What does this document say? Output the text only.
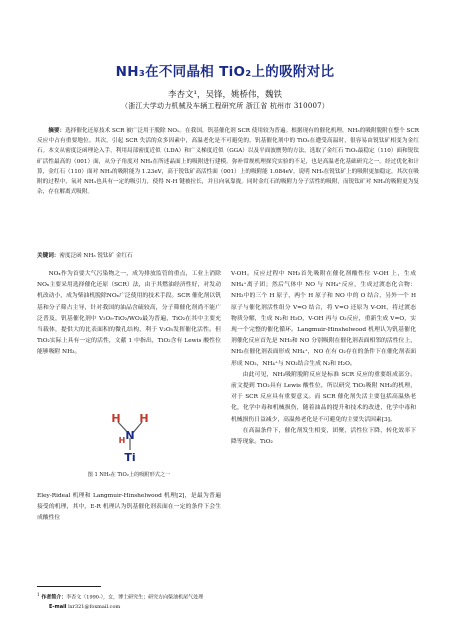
NH₃在不同晶相 TiO₂上的吸附对比
李杏文¹，吴锋，姚桥伟，魏铁
（浙江大学动力机械及车辆工程研究所 浙江省 杭州市 310007）
摘要：选择催化还原技术 SCR 被广泛用于脱除 NOₓ。在我国，钒基催化剂 SCR 使用较为普遍。根据现有的催化机理，NH₃的吸附脱附在整个 SCR 反应中占有重要地位。其次，引起 SCR 失活的众多因素中，高温老化是不可避免的，钒基催化剂中的 TiO₂在遭受高温时，很容易由锐钛矿相变为金红石。本文从密度泛函理论入手，利用局部密度近似（LDA）和广义梯度近似（GGA）以及平面波赝势的方法，选取了金红石 TiO₂最稳定（110）面和锐钛矿活性最高的（001）面，从分子角度对 NH₃在所述晶面上的吸附进行建模。弥补常规机理探究实验的不足，也是高温老化基础研究之一。经过优化和计算，金红石（110）面对 NH₃的吸附能为 1.23eV，高于锐钛矿高活性面（001）上的吸附能 1.084eV。说明 NH₃在锐钛矿上的吸附更加稳定，其次在吸附的过程中，氧对 NH₃也具有一定的吸引力，使得 N-H 键被拉长，并且向氧靠拢。同时金红石的吸附力分子活性的吸附，而锐钛矿对 NH₃的吸附更为复杂，存在解离式吸附。
关键词：密度泛函 NH₃ 锐钛矿 金红石
NOₓ作为首要大气污染物之一，成为排放监管的重点，工业上消除 NOₓ主要采用选择催化还原（SCR）法，由于其燃油经济性好，对发动机改动小，成为柴油机脱除NOₓ广泛使用的技术手段。SCR 催化剂以钒基和分子筛占主导，针对我国的油品含硫较高，分子筛催化剂尚不能广泛普及，钒基催化剂中 V₂O₅-TiO₂/WO₃最为普遍，TiO₂在其中主要充当载体，提供大的比表面积的微孔结构，利于 V₂O₅发挥催化活性。但 TiO₂实际上具有一定的活性，文献 1 中指出，TiO₂含有 Lewis 酸性位能够吸附 NH₃。
H H
N
H
Ti
图 1 NH₃在 TiO₂上的吸附形式之一
Eley-Rideal 机理和 Langmuir-Hinshelwood 机理[2]，是最为普遍接受的机理，其中，E-R 机理认为钒基催化剂表面在一定的条件下会生成酸性位

V-OH。反应过程中 NH₃首先吸附在催化剂酸性位 V-OH 上，生成 NH₄⁺离子团；然后气体中 NO 与 NH₄⁺反应，生成过渡态化合物：NH₃中的三个 H 原子，两个 H 原子和 NO 中的 O 结合，另外一个 H 原子与催化剂活性组分 V=O 结合，将 V=O 还原为 V-OH，将过渡态物质分解，生成 N₂和 H₂O，V-OH 再与 O₂反应，重新生成 V=O，实现一个完整的催化循环。Langmuir-Hinshelwood 机理认为钒基催化剂催化反应首先是 NH₃和 NO 分别吸附在催化剂表面相邻的活性位上，NH₃在催化剂表面形成 NH₄⁺，NO 在有 O₂存在的条件下在催化剂表面形成 NO₂，NH₄⁺与 NO₂结合生成 N₂和 H₂O。

由此可见，NH₃吸附脱附反应是标准 SCR 反应的重要组成部分。前文提到 TiO₂具有 Lewis 酸性位，所以研究 TiO₂吸附 NH₃的机理，对于 SCR 反应具有重要意义。而 SCR 催化剂失活主要包括高温热老化，化学中毒和机械损伤，随着油品的提升和技术的改进，化学中毒和机械损伤日益减少，高温热老化是不可避免的主要失活因素[3]。

在高温条件下，催化剂发生相变，团聚，活性位下降，转化效率下降等现象。TiO₂

$^1$ 作者简介：李杏文（1990-），女，博士研究生；研究方向柴油机尾气处理
E-mail lxr321@foxmail.com
